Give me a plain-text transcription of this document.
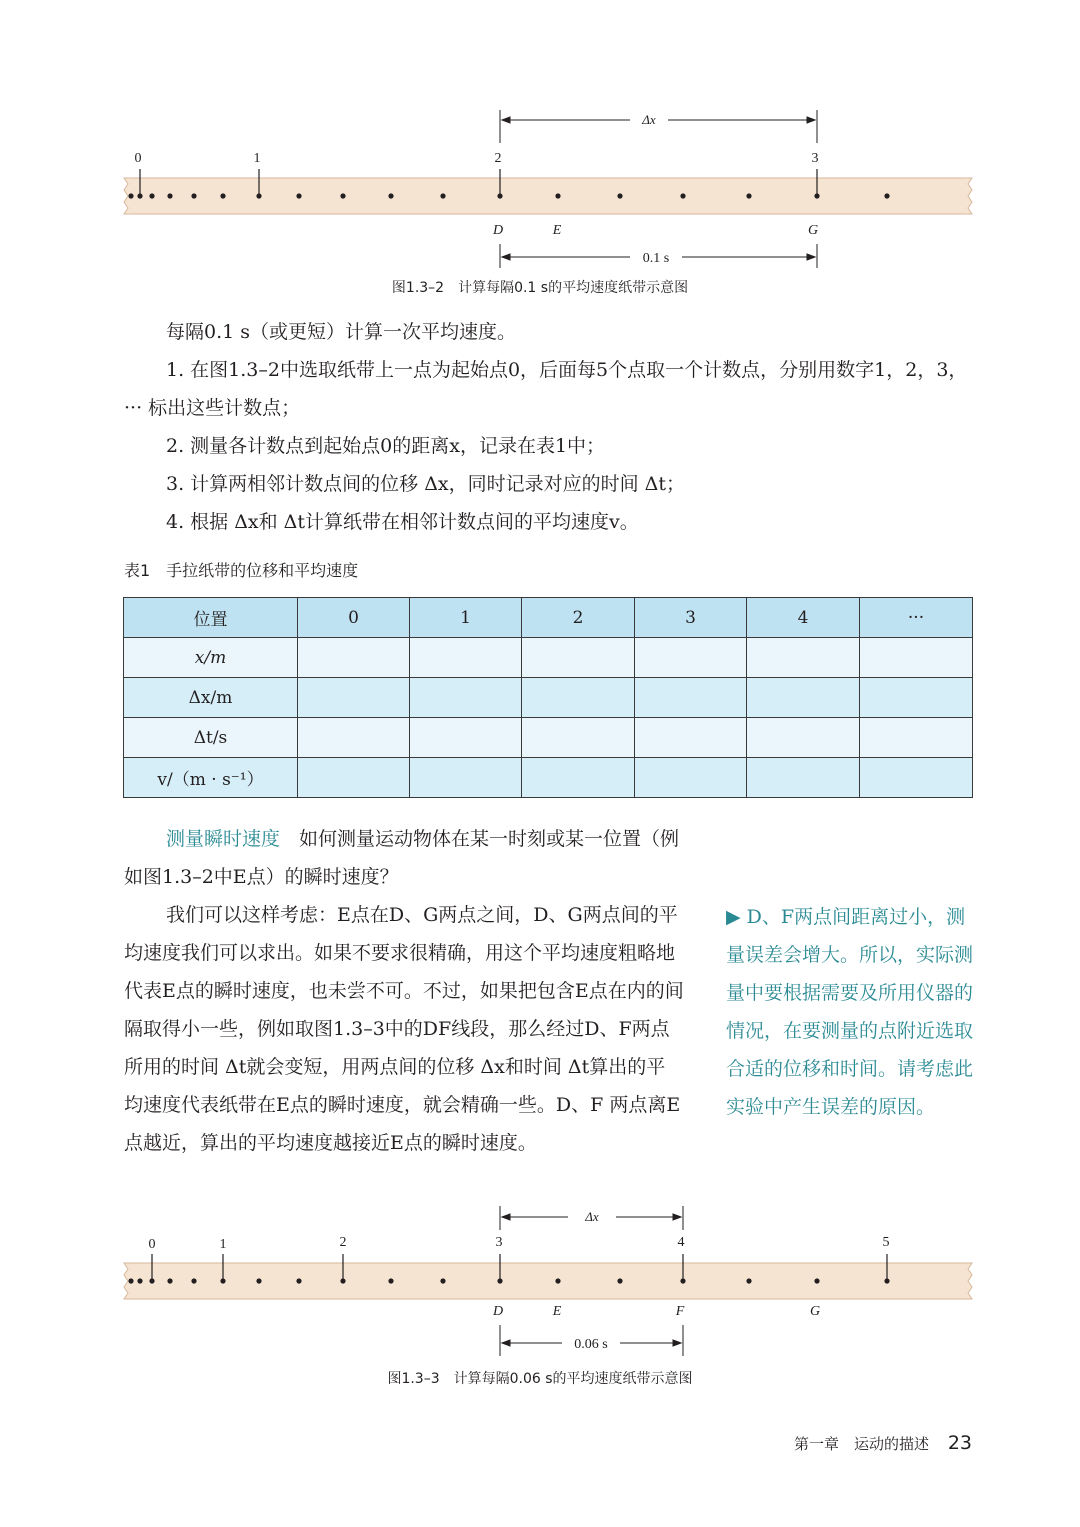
0	1	2	3
Δx
D	E	G
0.1 s
图1.3–2　计算每隔0.1 s的平均速度纸带示意图

每隔0.1 s（或更短）计算一次平均速度。

1. 在图1.3–2中选取纸带上一点为起始点0，后面每5个点取一个计数点，分别用数字1，2，3，··· 标出这些计数点；

2. 测量各计数点到起始点0的距离x，记录在表1中；

3. 计算两相邻计数点间的位移 Δx，同时记录对应的时间 Δt；

4. 根据 Δx和 Δt计算纸带在相邻计数点间的平均速度v。

表1　手拉纸带的位移和平均速度
位置	0	1	2	3	4	···
x/m						
Δx/m						
Δt/s						
v/（m · s⁻¹）						

测量瞬时速度　 如何测量运动物体在某一时刻或某一位置（例如图1.3–2中E点）的瞬时速度？

我们可以这样考虑：E点在D、G两点之间，D、G两点间的平均速度我们可以求出。如果不要求很精确，用这个平均速度粗略地代表E点的瞬时速度，也未尝不可。不过，如果把包含E点在内的间隔取得小一些，例如取图1.3–3中的DF线段，那么经过D、F两点所用的时间 Δt就会变短，用两点间的位移 Δx和时间 Δt算出的平均速度代表纸带在E点的瞬时速度，就会精确一些。D、F 两点离E点越近，算出的平均速度越接近E点的瞬时速度。

▶ D、F两点间距离过小，测量误差会增大。所以，实际测量中要根据需要及所用仪器的情况，在要测量的点附近选取合适的位移和时间。请考虑此实验中产生误差的原因。
0	1	2	3	4	5
Δx
D	E	F	G
0.06 s
图1.3–3　计算每隔0.06 s的平均速度纸带示意图
第一章　运动的描述 23
